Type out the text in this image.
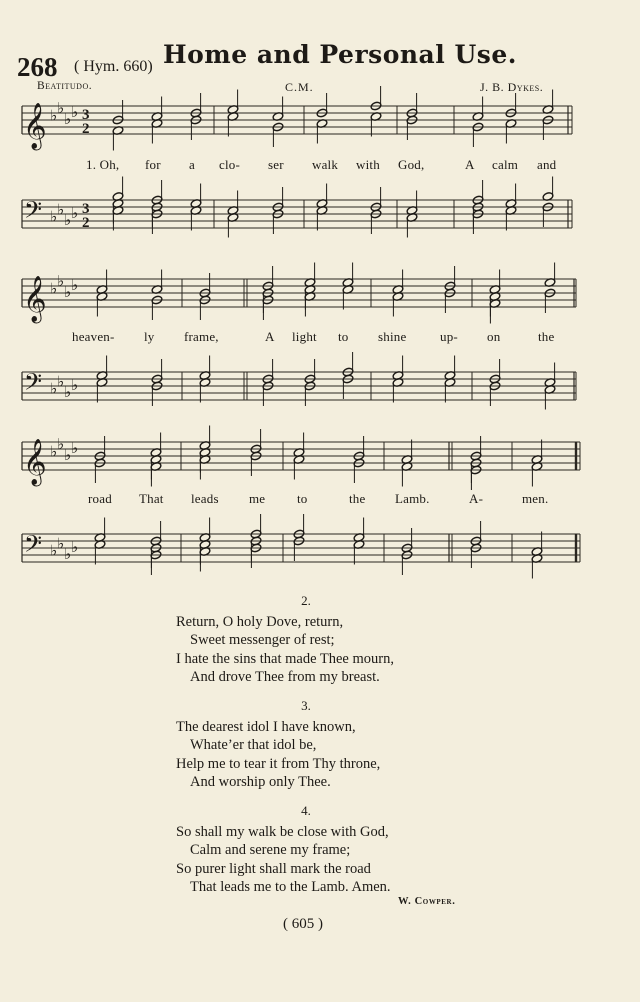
268 ( Hym. 660) Home and Personal Use.
Beatitudo.	C.M.	J. B. Dykes.
𝄞
𝄢
♭ ♭
♭ ♭
♭ ♭
♭ ♭
3
2
3
2
𝄞
𝄢
♭ ♭
♭ ♭
♭ ♭
♭ ♭
𝄞
𝄢
♭ ♭
♭ ♭
♭ ♭
♭ ♭
1. Oh, for a clo- ser walk with God,	A calm and
heaven- ly frame,	A light to shine	up- on	the
road That leads me to	the Lamb.	A-	men.
2.
Return, O holy Dove, return,
Sweet messenger of rest;
I hate the sins that made Thee mourn,
And drove Thee from my breast.
3.
The dearest idol I have known,
Whate’er that idol be,
Help me to tear it from Thy throne,
And worship only Thee.
4.
So shall my walk be close with God,
Calm and serene my frame;
So purer light shall mark the road
That leads me to the Lamb. Amen.
W. Cowper.
( 605 )
